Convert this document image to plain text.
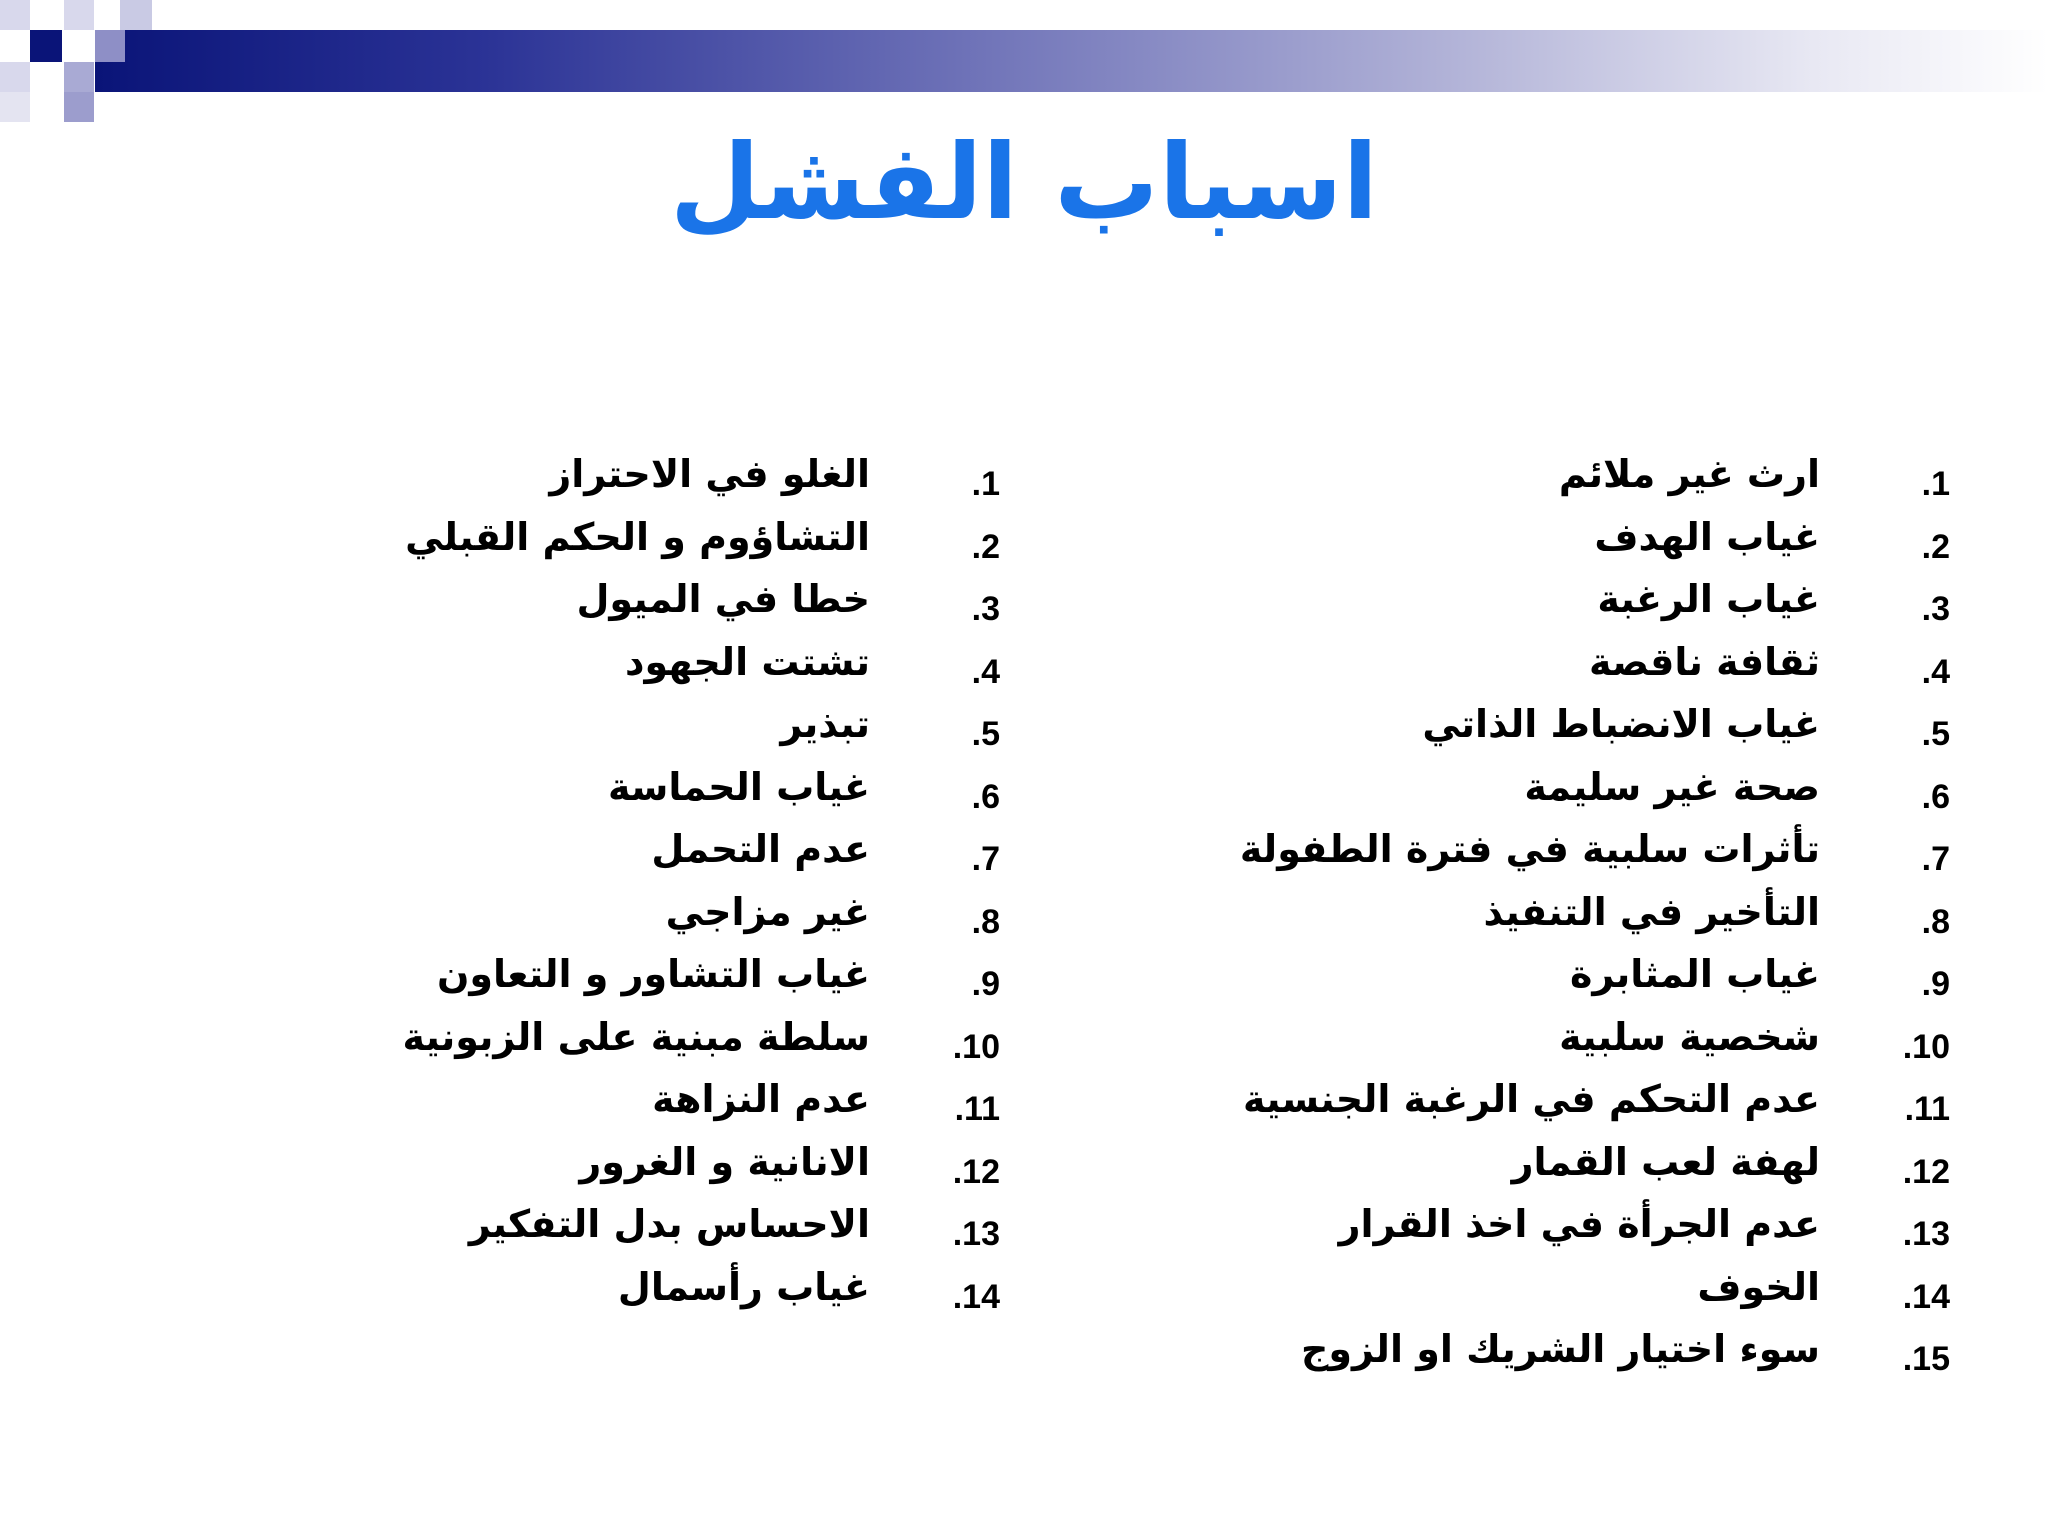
اسباب الفشل
1.
ارث غير ملائم
2.
غياب الهدف
3.
غياب الرغبة
4.
ثقافة ناقصة
5.
غياب الانضباط الذاتي
6.
صحة غير سليمة
7.
تأثرات سلبية في فترة الطفولة
8.
التأخير في التنفيذ
9.
غياب المثابرة
10.
شخصية سلبية
11.
عدم التحكم في الرغبة الجنسية
12.
لهفة لعب القمار
13.
عدم الجرأة في اخذ القرار
14.
الخوف
15.
سوء اختيار الشريك او الزوج
1.
الغلو في الاحتراز
2.
التشاؤوم و الحكم القبلي
3.
خطا في الميول
4.
تشتت الجهود
5.
تبذير
6.
غياب الحماسة
7.
عدم التحمل
8.
غير مزاجي
9.
غياب التشاور و التعاون
10.
سلطة مبنية على الزبونية
11.
عدم النزاهة
12.
الانانية و الغرور
13.
الاحساس بدل التفكير
14.
غياب رأسمال
